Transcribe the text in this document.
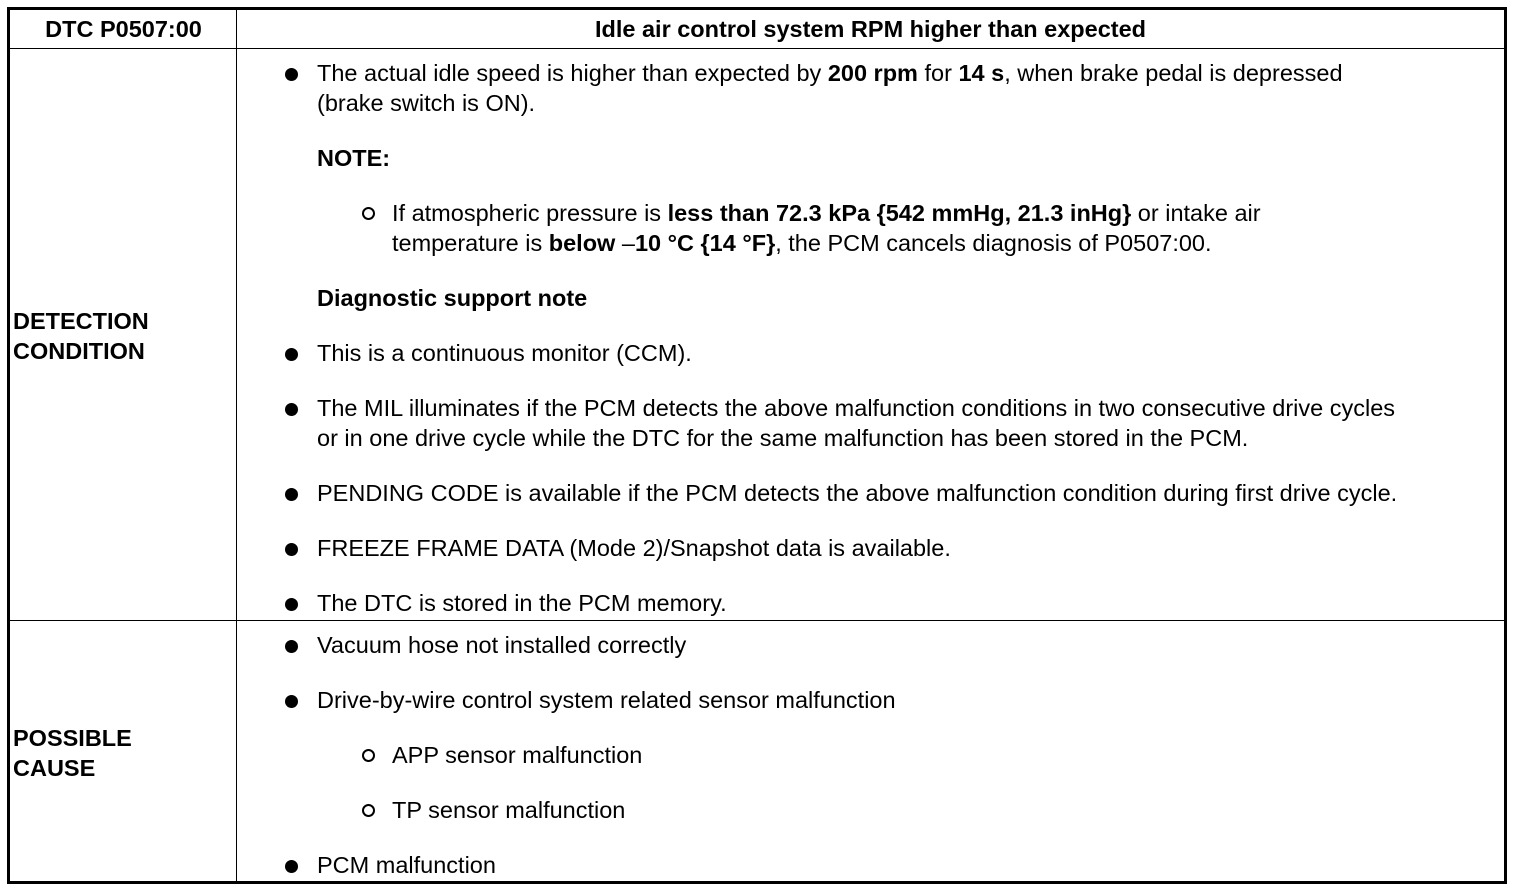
DTC P0507:00	Idle air control system RPM higher than expected
DETECTION
CONDITION
The actual idle speed is higher than expected by 200 rpm for 14 s, when brake pedal is depressed
(brake switch is ON).
NOTE:
If atmospheric pressure is less than 72.3 kPa {542 mmHg, 21.3 inHg} or intake air
temperature is below –10 °C {14 °F}, the PCM cancels diagnosis of P0507:00.
Diagnostic support note
This is a continuous monitor (CCM).
The MIL illuminates if the PCM detects the above malfunction conditions in two consecutive drive cycles
or in one drive cycle while the DTC for the same malfunction has been stored in the PCM.
PENDING CODE is available if the PCM detects the above malfunction condition during first drive cycle.
FREEZE FRAME DATA (Mode 2)/Snapshot data is available.
The DTC is stored in the PCM memory.
POSSIBLE
CAUSE
Vacuum hose not installed correctly
Drive-by-wire control system related sensor malfunction
APP sensor malfunction
TP sensor malfunction
PCM malfunction
